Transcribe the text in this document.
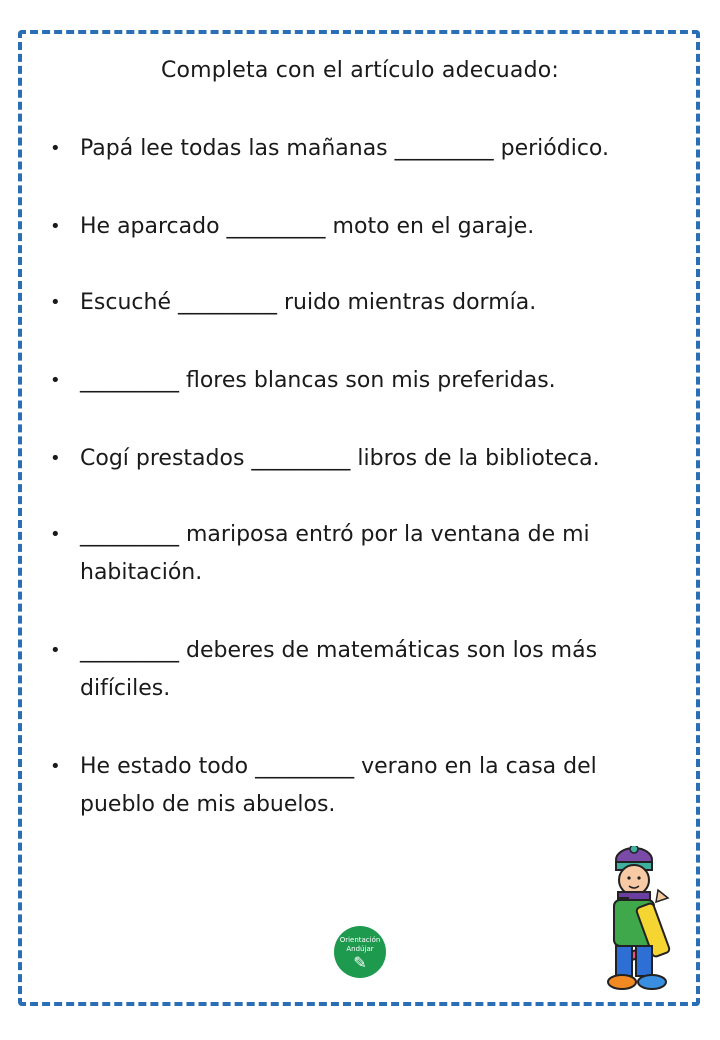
Completa con el artículo adecuado:
• Papá lee todas las mañanas _________ periódico.
• He aparcado _________ moto en el garaje.
• Escuché _________ ruido mientras dormía.
• _________ flores blancas son mis preferidas.
• Cogí prestados _________ libros de la biblioteca.
• _________ mariposa entró por la ventana de mi habitación.
• _________ deberes de matemáticas son los más difíciles.
• He estado todo _________ verano en la casa del pueblo de mis abuelos.
Orientación
Andújar
✎
